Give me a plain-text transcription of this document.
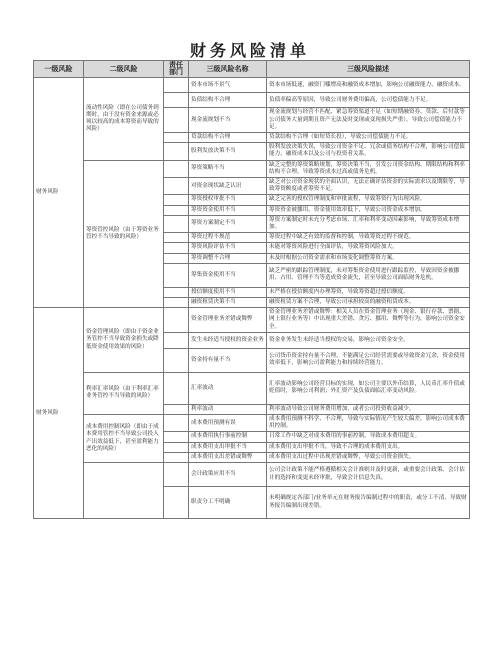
财务风险清单
一级风险	二级风险	责任部门	三级风险名称	三级风险描述
财务风险	流动性风险（即在公司债务到期时，由于没有资金来源或必须以较高的成本筹资而导致的风险）		资本市场不景气	资本市场低迷，融资门槛增高和融资成本增加，影响公司融资能力、融资成本。
			负债结构不合理	负债率偏高等原因，导致公司财务费用偏高，公司偿债能力不足。
			现金流规划不当	现金流规划与经营不匹配、紧急筹资渠道不足（如短期融资券、贷款、后付款等公司债务大量到期且资产无法及时变现或变现损失严重），导致公司偿债能力不足。
			贷款结构不合理	贷款结构不合理（如短贷长投），导致公司偿债能力不足。
			股利发放决策不当	股利发放决策失误，导致公司资金不足、冗余或债务结构不合理，影响公司偿债能力、融资成本以及公司与投资者关系。
	筹资管控风险（由于筹资业务管控不当导致的风险）		筹资策略不当	缺乏完整的筹资策略规划，筹资决策不当，引发公司资金结构、期限结构和利率结构不合理，导致筹资成本过高或债务危机。
			对资金现状缺乏认识	缺乏对公司资金现状的全面认识，无法正确评估资金的实际需求以及期限等，导致筹资额度或者筹资不足。
			筹资授权审批不当	缺乏完善的授权管理制度和审批流程，导致筹资行为出现风险。
			筹资资金使用不当	筹资资金被挪用、资金使用效率低下，导致公司资金成本增加。
			筹资方案制定不当	筹资方案制定时未充分考虑市场、汇率和利率变动因素影响，导致筹资成本增加。
			筹资过程不规范	筹资过程中缺乏有效的监督和控制，导致筹资过程不规范。
			筹资风险评估不当	未能对筹资风险进行全面评估，导致筹资风险加大。
			筹资调整不合理	未及时根据公司资金需求和市场变化调整筹资方案。
			筹集资金使用不当	缺乏严密的跟踪管理制度，未对筹集资金使用进行跟踪监控，导致因资金被挪用、占用、管理不当等造成资金流失，甚至导致公司面临财务危机。
			授信额度使用不当	未严格在授信额度内办理筹资，导致筹资超过授信额度。
			融资租赁决策不当	融资租赁方案不合理，导致公司承担较高的融资租赁成本。
财务风险	资金管理风险（即由于资金业务管控不当导致资金损失或降低资金使用效果的风险）		资金管理业务差错或舞弊	资金管理业务差错或舞弊：相关人员在资金管理业务（现金、银行存款、票据、网上银行业务等）中出现重大差错、贪污、挪用、舞弊等行为，影响公司资金安全。
			发生未经适当授权的资金业务	资金业务发生未经适当授权的交易，影响公司资金安全。
			资金持有量不当	公司货币资金持有量不合理，不能满足公司经营需要或导致资金冗余，资金使用效率低下，影响公司盈利能力和持续经营能力。
	利率汇率风险（由于利率汇率业务管控不当导致的风险）		汇率波动	汇率波动影响公司经营目标的实现，如公司主要以外币结算，人民币汇率升值或贬值时，影响公司利润；外汇资产及负债面临汇率变动风险。
			利率波动	利率波动导致公司财务费用增加，或者公司投资收益减少。
	成本费用控制风险（即由于成本费用管控不当导致公司投入产出效益低下，甚至盈利能力恶化的风险）		成本费用预测有误	成本费用预测不科学、不合理，导致与实际情况产生较大偏差，影响公司成本费用控制。
			成本费用执行事前控制	日常工作中缺乏对成本费用的事前控制，导致成本费用超支。
			成本费用支出审批不当	成本费用支出审批不当，导致不合理的成本费用支出。
			成本费用支出差错或舞弊	成本费用支出过程中出现差错或舞弊，导致公司资金损失。
			会计政策应用不当	公司会计政策不能严格遵循相关会计准则并及时更新，或重要会计政策、会计估计的选择和变更未经审批，导致会计信息失真。
			职责分工不明确	未明确规定各部门/业务单元在财务报告编制过程中的职责，或分工不清，导致财务报告编制出现差错。
